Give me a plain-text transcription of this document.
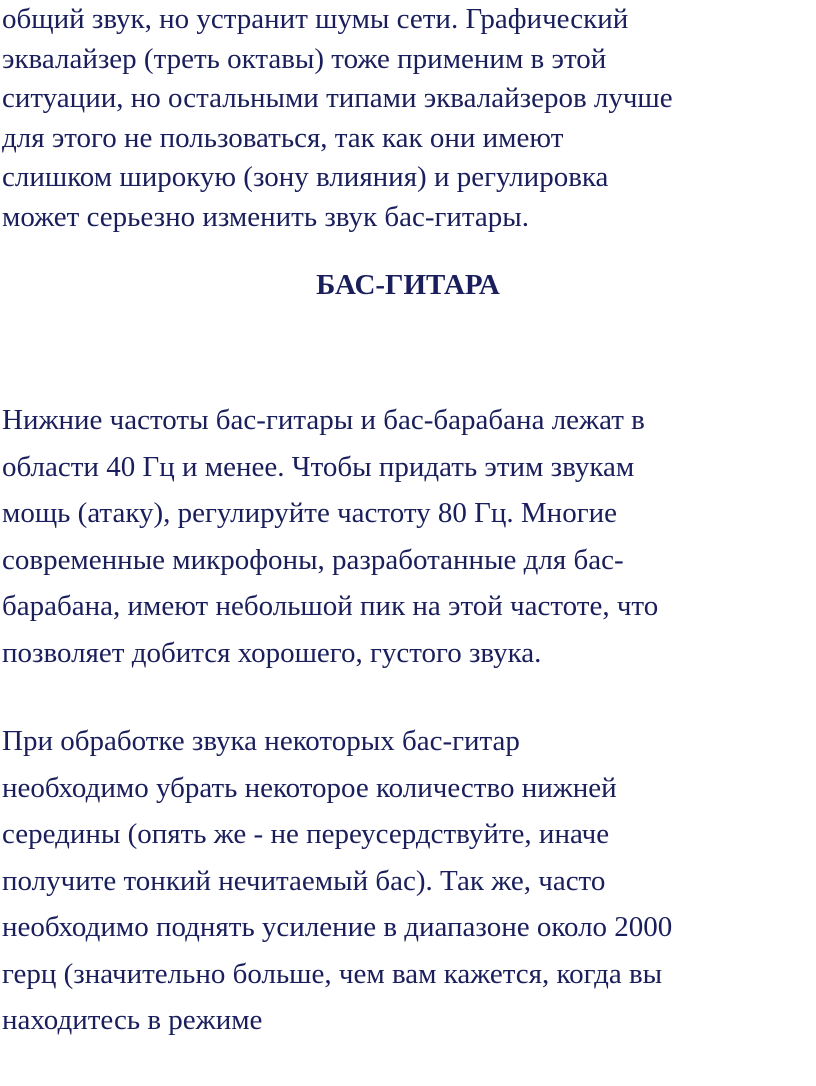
общий звук, но устранит шумы сети. Графический
эквалайзер (треть октавы) тоже применим в этой
ситуации, но остальными типами эквалайзеров лучше
для этого не пользоваться, так как они имеют
слишком широкую (зону влияния) и регулировка
может серьезно изменить звук бас-гитары.

БАС-ГИТАРА

Нижние частоты бас-гитары и бас-барабана лежат в
области 40 Гц и менее. Чтобы придать этим звукам
мощь (атаку), регулируйте частоту 80 Гц. Многие
современные микрофоны, разработанные для бас-
барабана, имеют небольшой пик на этой частоте, что
позволяет добится хорошего, густого звука.

При обработке звука некоторых бас-гитар
необходимо убрать некоторое количество нижней
середины (опять же - не переусердствуйте, иначе
получите тонкий нечитаемый бас). Так же, часто
необходимо поднять усиление в диапазоне около 2000
герц (значительно больше, чем вам кажется, когда вы
находитесь в режиме
